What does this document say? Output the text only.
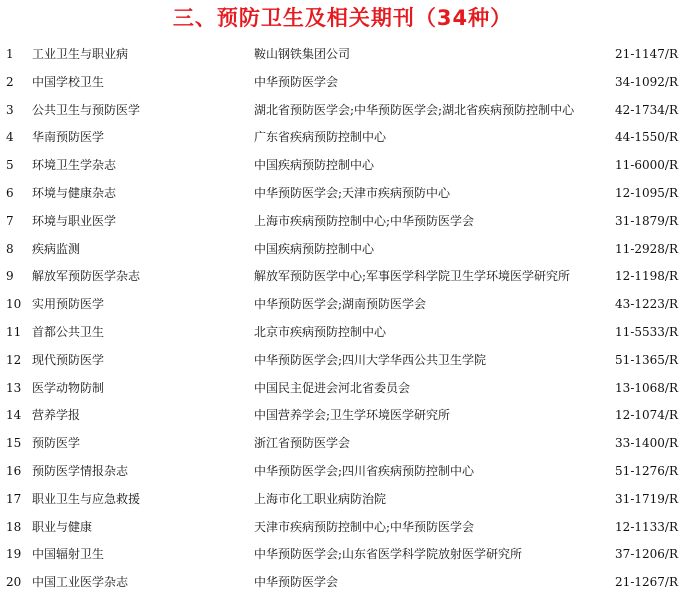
三、预防卫生及相关期刊（34种）
1 工业卫生与职业病	鞍山钢铁集团公司	21-1147/R
2 中国学校卫生	中华预防医学会	34-1092/R
3 公共卫生与预防医学	湖北省预防医学会;中华预防医学会;湖北省疾病预防控制中心	42-1734/R
4 华南预防医学	广东省疾病预防控制中心	44-1550/R
5 环境卫生学杂志	中国疾病预防控制中心	11-6000/R
6 环境与健康杂志	中华预防医学会;天津市疾病预防中心	12-1095/R
7 环境与职业医学	上海市疾病预防控制中心;中华预防医学会	31-1879/R
8 疾病监测	中国疾病预防控制中心	11-2928/R
9 解放军预防医学杂志	解放军预防医学中心;军事医学科学院卫生学环境医学研究所	12-1198/R
10 实用预防医学	中华预防医学会;湖南预防医学会	43-1223/R
11 首都公共卫生	北京市疾病预防控制中心	11-5533/R
12 现代预防医学	中华预防医学会;四川大学华西公共卫生学院	51-1365/R
13 医学动物防制	中国民主促进会河北省委员会	13-1068/R
14 营养学报	中国营养学会;卫生学环境医学研究所	12-1074/R
15 预防医学	浙江省预防医学会	33-1400/R
16 预防医学情报杂志	中华预防医学会;四川省疾病预防控制中心	51-1276/R
17 职业卫生与应急救援	上海市化工职业病防治院	31-1719/R
18 职业与健康	天津市疾病预防控制中心;中华预防医学会	12-1133/R
19 中国辐射卫生	中华预防医学会;山东省医学科学院放射医学研究所	37-1206/R
20 中国工业医学杂志	中华预防医学会	21-1267/R
